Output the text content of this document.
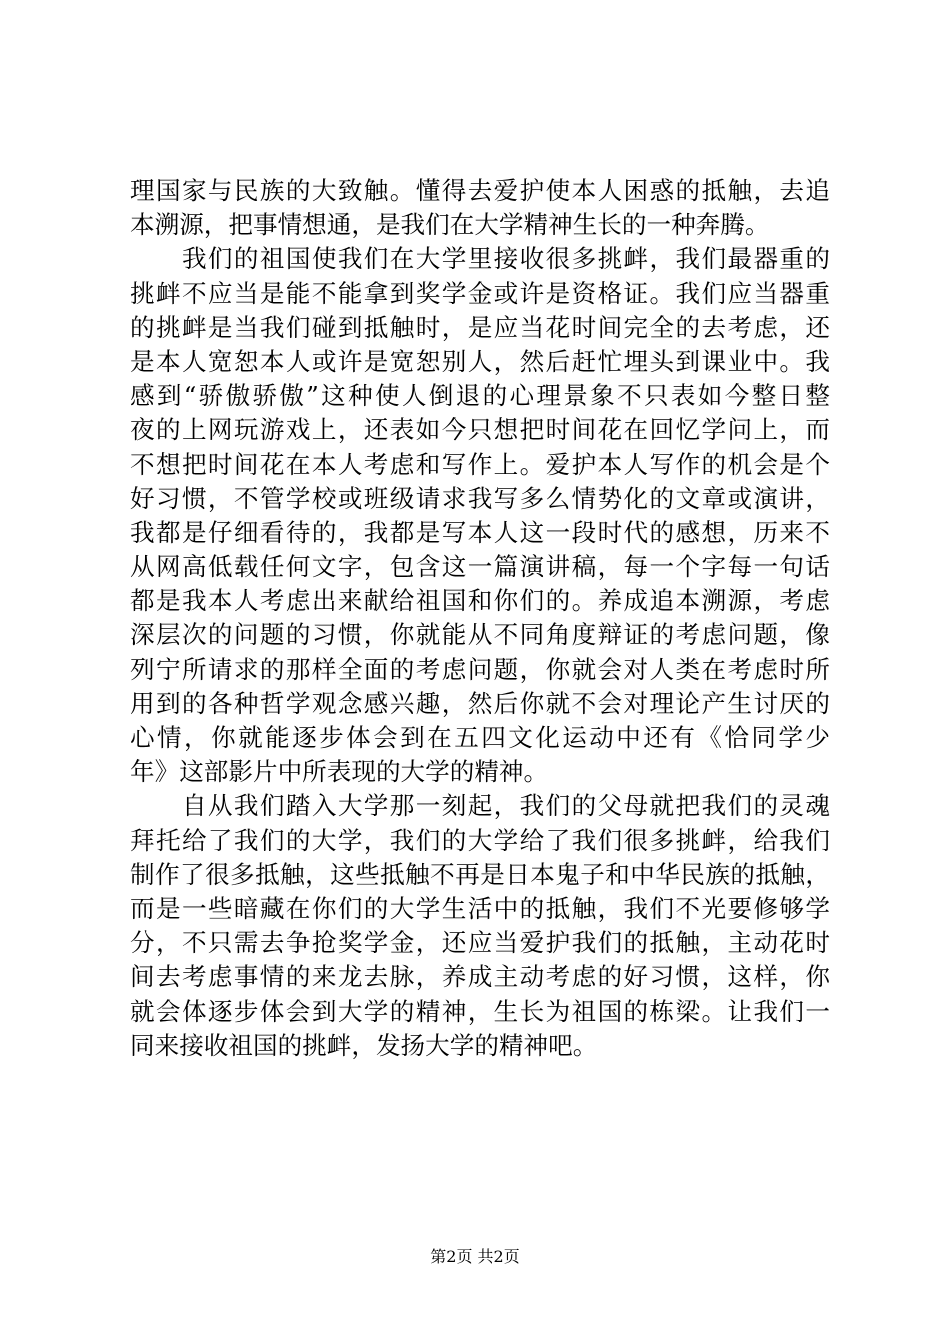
理国家与民族的大致触。懂得去爱护使本人困惑的抵触，去追
本溯源，把事情想通，是我们在大学精神生长的一种奔腾。
　　我们的祖国使我们在大学里接收很多挑衅，我们最器重的
挑衅不应当是能不能拿到奖学金或许是资格证。我们应当器重
的挑衅是当我们碰到抵触时，是应当花时间完全的去考虑，还
是本人宽恕本人或许是宽恕别人，然后赶忙埋头到课业中。我
感到“骄傲骄傲”这种使人倒退的心理景象不只表如今整日整
夜的上网玩游戏上，还表如今只想把时间花在回忆学问上，而
不想把时间花在本人考虑和写作上。爱护本人写作的机会是个
好习惯，不管学校或班级请求我写多么情势化的文章或演讲，
我都是仔细看待的，我都是写本人这一段时代的感想，历来不
从网高低载任何文字，包含这一篇演讲稿，每一个字每一句话
都是我本人考虑出来献给祖国和你们的。养成追本溯源，考虑
深层次的问题的习惯，你就能从不同角度辩证的考虑问题，像
列宁所请求的那样全面的考虑问题，你就会对人类在考虑时所
用到的各种哲学观念感兴趣，然后你就不会对理论产生讨厌的
心情，你就能逐步体会到在五四文化运动中还有《恰同学少
年》这部影片中所表现的大学的精神。
　　自从我们踏入大学那一刻起，我们的父母就把我们的灵魂
拜托给了我们的大学，我们的大学给了我们很多挑衅，给我们
制作了很多抵触，这些抵触不再是日本鬼子和中华民族的抵触，
而是一些暗藏在你们的大学生活中的抵触，我们不光要修够学
分，不只需去争抢奖学金，还应当爱护我们的抵触，主动花时
间去考虑事情的来龙去脉，养成主动考虑的好习惯，这样，你
就会体逐步体会到大学的精神，生长为祖国的栋梁。让我们一
同来接收祖国的挑衅，发扬大学的精神吧。
第2页 共2页
